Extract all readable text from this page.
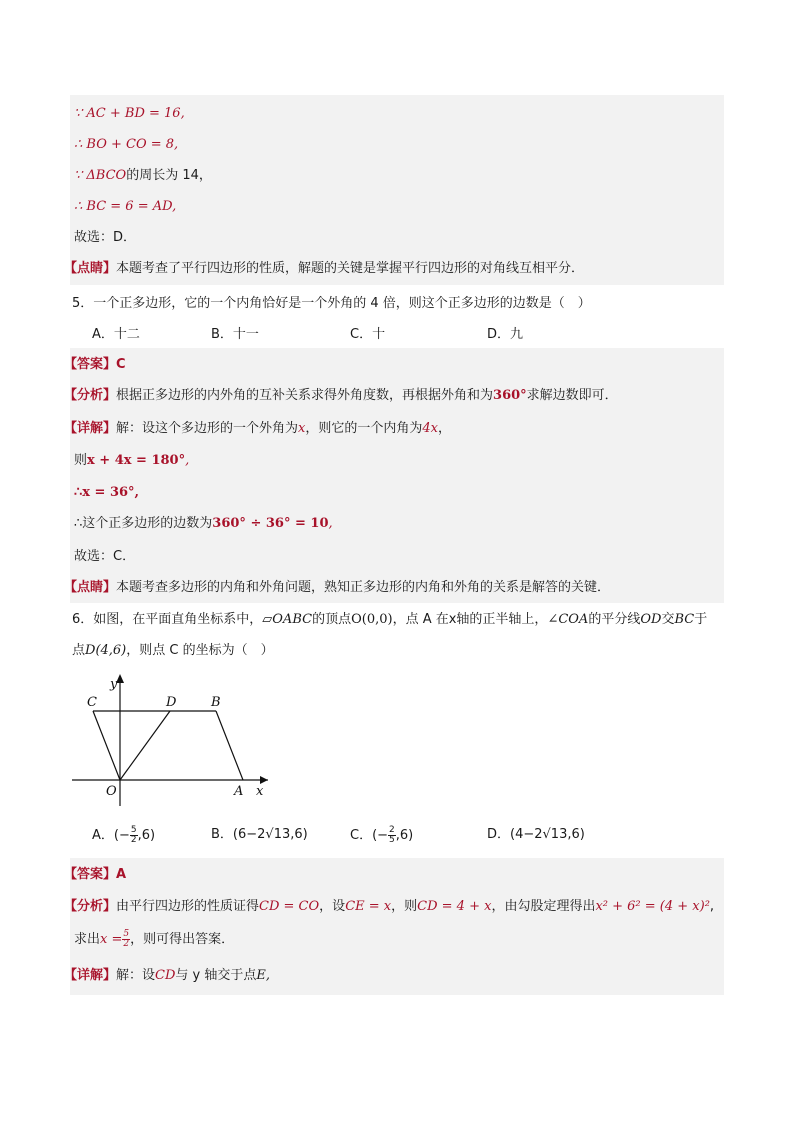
∵ AC + BD = 16,
∴ BO + CO = 8,
∵ ΔBCO的周长为 14，
∴ BC = 6 = AD,
故选：D．
【点睛】本题考查了平行四边形的性质，解题的关键是掌握平行四边形的对角线互相平分．
5．一个正多边形，它的一个内角恰好是一个外角的 4 倍，则这个正多边形的边数是（　）
A．十二	B．十一	C．十	D．九
【答案】C
【分析】根据正多边形的内外角的互补关系求得外角度数，再根据外角和为360°求解边数即可．
【详解】解：设这个多边形的一个外角为x，则它的一个内角为4x，
则x + 4x = 180°,
∴x = 36°,
∴这个正多边形的边数为360° ÷ 36° = 10,
故选：C．
【点睛】本题考查多边形的内角和外角问题，熟知正多边形的内角和外角的关系是解答的关键．
6．如图，在平面直角坐标系中，▱OABC的顶点O(0,0)，点 A 在x轴的正半轴上，∠COA的平分线OD交BC于
点D(4,6)，则点 C 的坐标为（　）
C	D	B
O	A x
y
A．(− $\frac{5}{2} ,6$)	B．(6−2√13,6)	C．(− $\frac{2}{5} ,6$)	D．(4−2√13,6)
【答案】A
【分析】由平行四边形的性质证得CD = CO，设CE = x，则CD = 4 + x，由勾股定理得出x² + 6² = (4 + x)²,
求出$x = \frac{5}{2}$ ，则可得出答案．
【详解】解：设CD与 y 轴交于点E,
